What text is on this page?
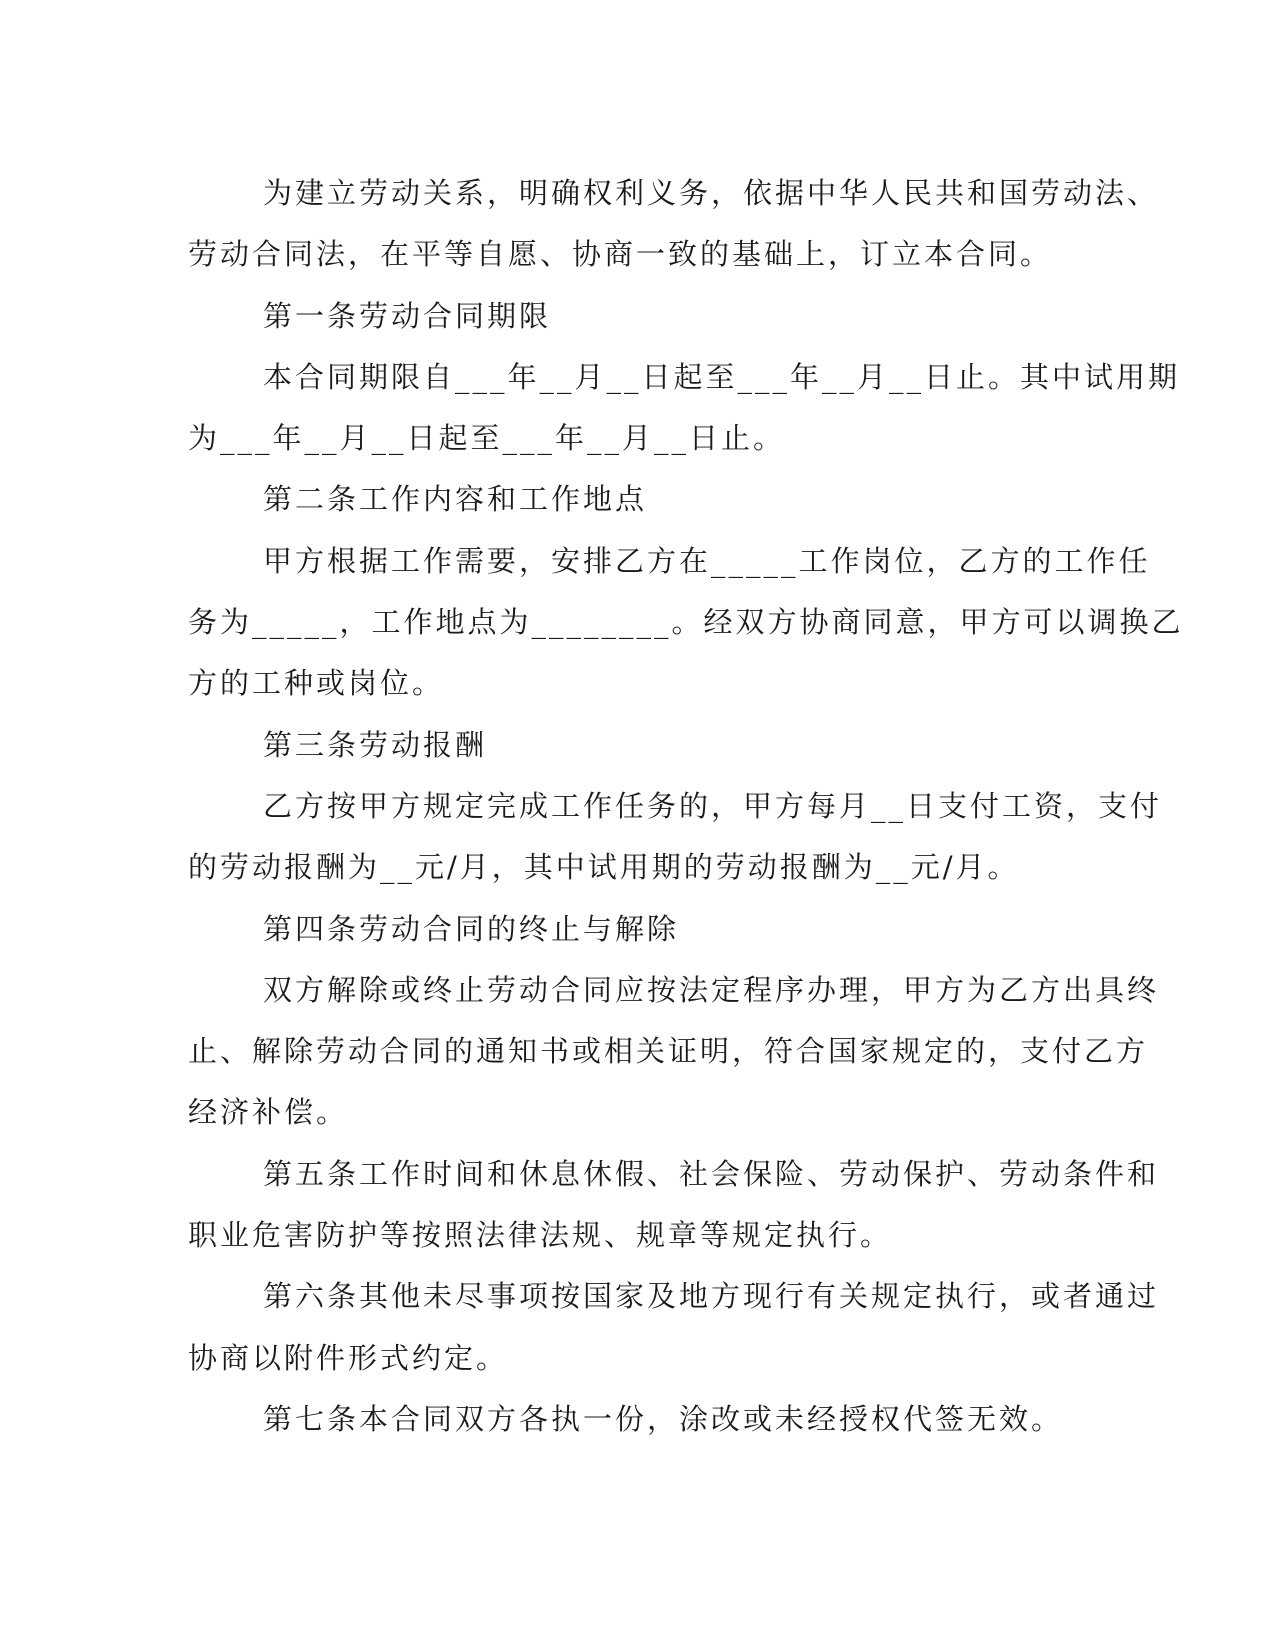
为建立劳动关系，明确权利义务，依据中华人民共和国劳动法、
劳动合同法，在平等自愿、协商一致的基础上，订立本合同。
第一条劳动合同期限
本合同期限自___年__月__日起至___年__月__日止。其中试用期
为___年__月__日起至___年__月__日止。
第二条工作内容和工作地点
甲方根据工作需要，安排乙方在_____工作岗位，乙方的工作任
务为_____，工作地点为________。经双方协商同意，甲方可以调换乙
方的工种或岗位。
第三条劳动报酬
乙方按甲方规定完成工作任务的，甲方每月__日支付工资，支付
的劳动报酬为__元/月，其中试用期的劳动报酬为__元/月。
第四条劳动合同的终止与解除
双方解除或终止劳动合同应按法定程序办理，甲方为乙方出具终
止、解除劳动合同的通知书或相关证明，符合国家规定的，支付乙方
经济补偿。
第五条工作时间和休息休假、社会保险、劳动保护、劳动条件和
职业危害防护等按照法律法规、规章等规定执行。
第六条其他未尽事项按国家及地方现行有关规定执行，或者通过
协商以附件形式约定。
第七条本合同双方各执一份，涂改或未经授权代签无效。
